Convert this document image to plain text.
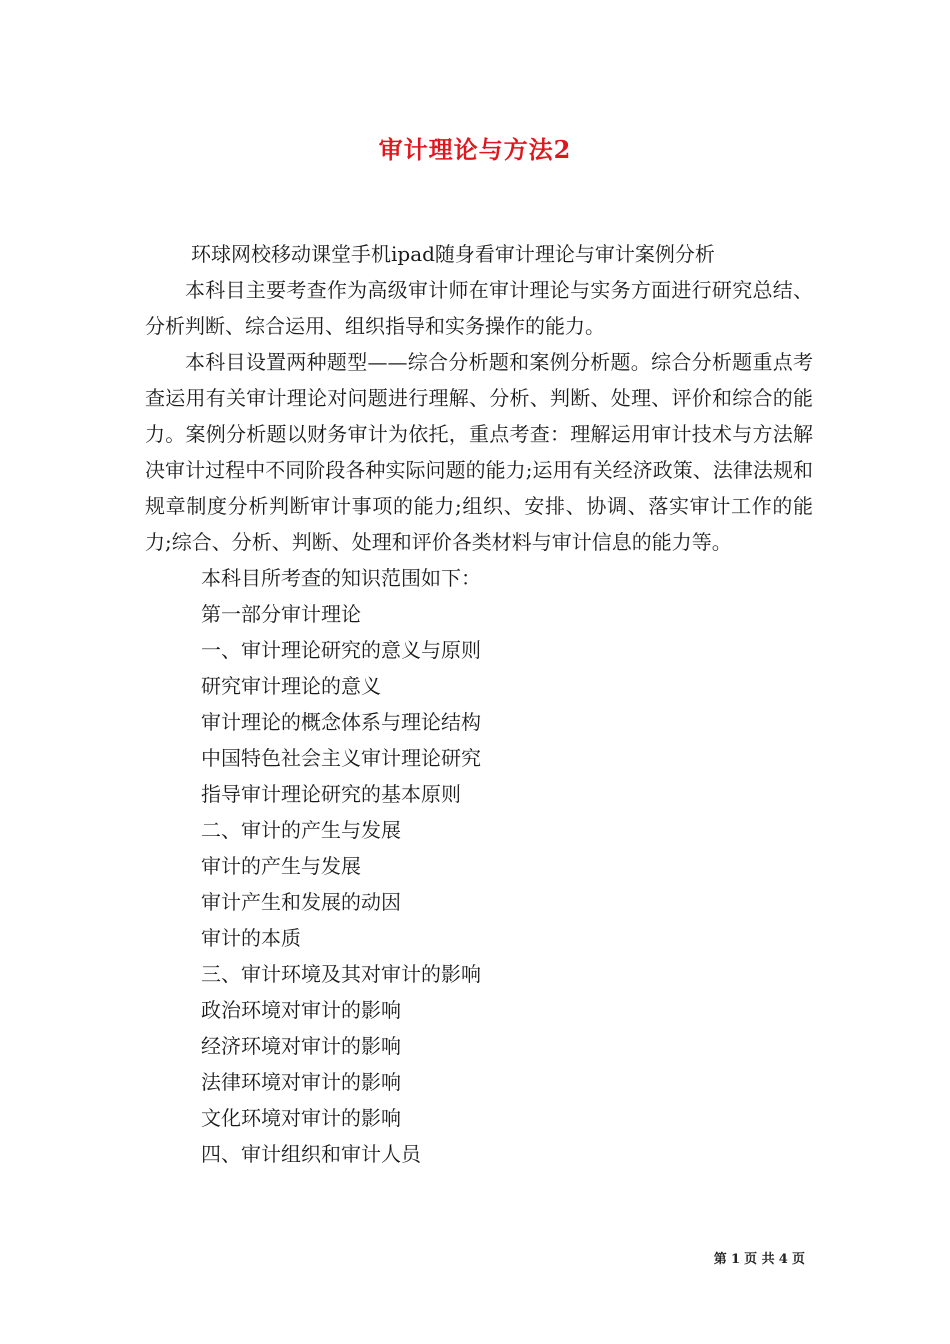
审计理论与方法2

环球网校移动课堂手机ipad随身看审计理论与审计案例分析

本科目主要考查作为高级审计师在审计理论与实务方面进行研究总结、分析判断、综合运用、组织指导和实务操作的能力。

本科目设置两种题型——综合分析题和案例分析题。综合分析题重点考查运用有关审计理论对问题进行理解、分析、判断、处理、评价和综合的能力。案例分析题以财务审计为依托，重点考查：理解运用审计技术与方法解决审计过程中不同阶段各种实际问题的能力;运用有关经济政策、法律法规和规章制度分析判断审计事项的能力;组织、安排、协调、落实审计工作的能力;综合、分析、判断、处理和评价各类材料与审计信息的能力等。

本科目所考查的知识范围如下：
第一部分审计理论
一、审计理论研究的意义与原则
研究审计理论的意义
审计理论的概念体系与理论结构
中国特色社会主义审计理论研究
指导审计理论研究的基本原则
二、审计的产生与发展
审计的产生与发展
审计产生和发展的动因
审计的本质
三、审计环境及其对审计的影响
政治环境对审计的影响
经济环境对审计的影响
法律环境对审计的影响
文化环境对审计的影响
四、审计组织和审计人员
第 1 页 共 4 页
